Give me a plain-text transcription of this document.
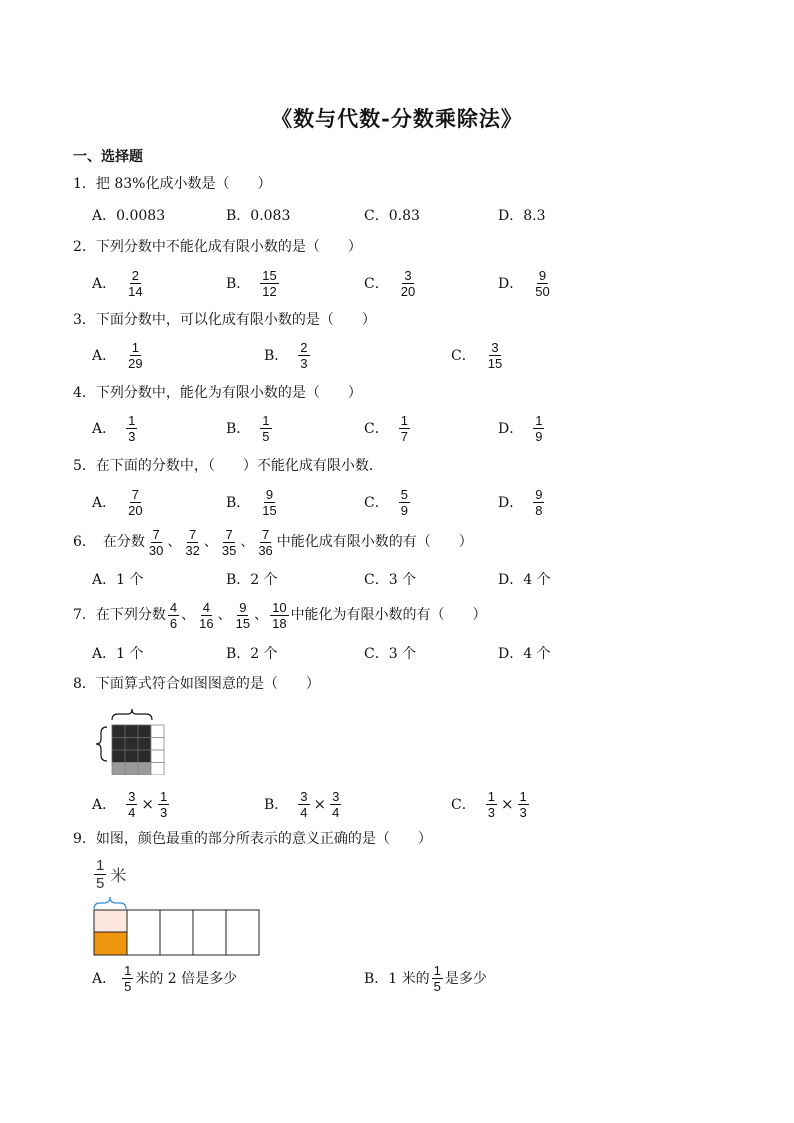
《数与代数-分数乘除法》
一、选择题
1．把 83%化成小数是（　　）
A．0.0083	B．0.083	C．0.83	D．8.3
2．下列分数中不能化成有限小数的是（　　）
A． $\frac{2}{14}$	B． $\frac{15}{12}$	C． $\frac{3}{20}$	D． $\frac{9}{50}$
3．下面分数中，可以化成有限小数的是（　　）
A． $\frac{1}{29}$	B． $\frac{2}{3}$	C． $\frac{3}{15}$
4．下列分数中，能化为有限小数的是（　　）
A． $\frac{1}{3}$	B． $\frac{1}{5}$	C． $\frac{1}{7}$	D． $\frac{1}{9}$
5．在下面的分数中，（　　）不能化成有限小数．
A． $\frac{7}{20}$	B． $\frac{9}{15}$	C． $\frac{5}{9}$	D． $\frac{9}{8}$
6．　在分数 $\frac{7}{30}$ 、 $\frac{7}{32}$ 、 $\frac{7}{35}$ 、 $\frac{7}{36}$ 中能化成有限小数的有（　　）
A．1 个	B．2 个	C．3 个	D．4 个
7．在下列分数 $\frac{4}{6}$ 、 $\frac{4}{16}$ 、 $\frac{9}{15}$ 、 $\frac{10}{18}$ 中能化为有限小数的有（　　）
A．1 个	B．2 个	C．3 个	D．4 个
8．下面算式符合如图图意的是（　　）
A． $\frac{3}{4} \times \frac{1}{3}$	B． $\frac{3}{4} \times \frac{3}{4}$	C． $\frac{1}{3} \times \frac{1}{3}$
9．如图，颜色最重的部分所表示的意义正确的是（　　）
$\frac{1}{5}$ 米
A． $\frac{1}{5}$ 米的 2 倍是多少	B．1 米的 $\frac{1}{5}$ 是多少
